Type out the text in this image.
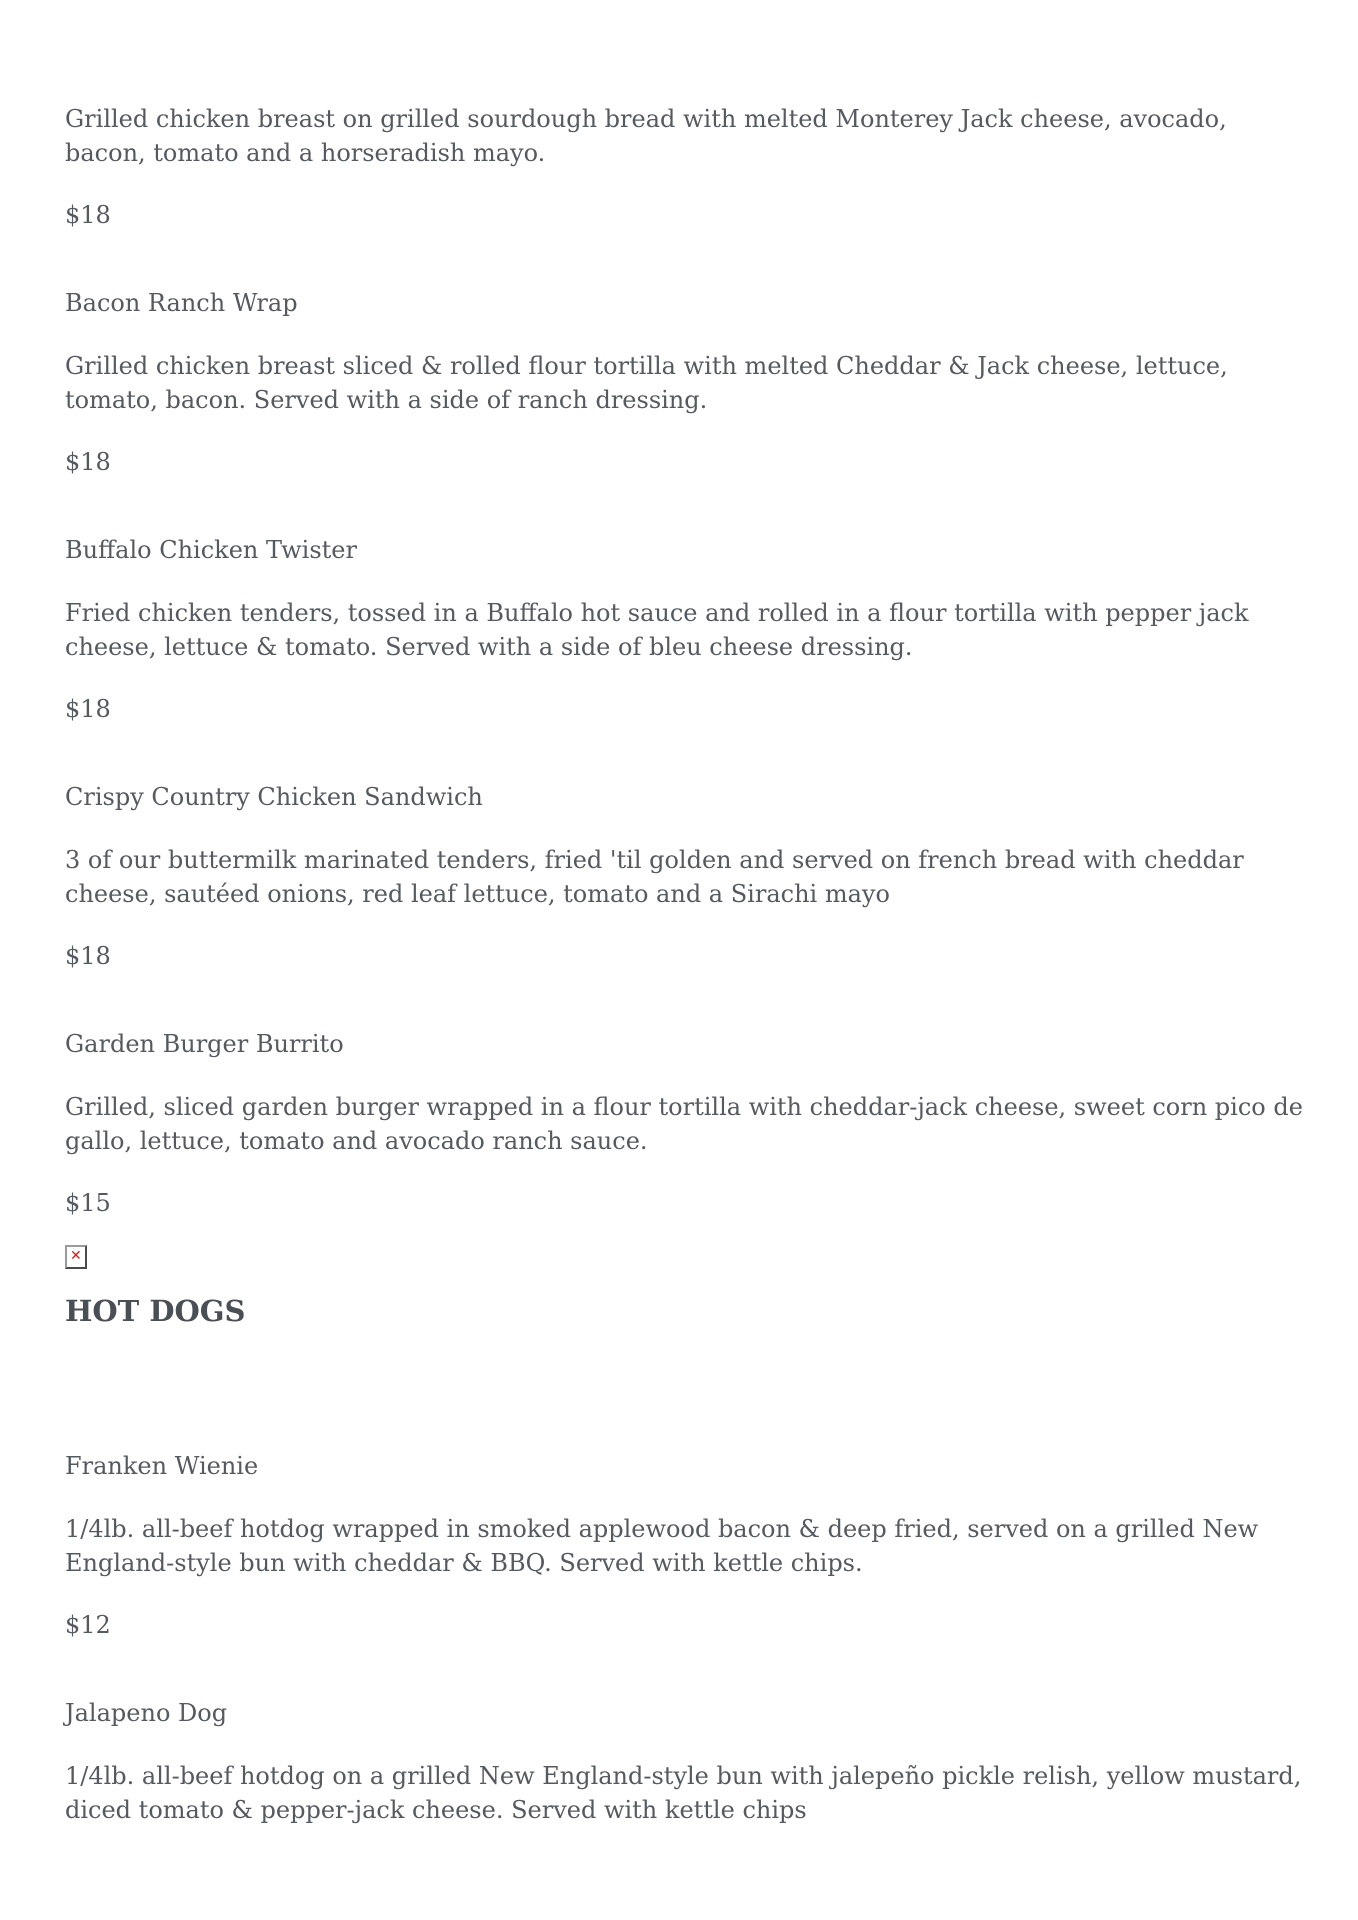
Grilled chicken breast on grilled sourdough bread with melted Monterey Jack cheese, avocado, bacon, tomato and a horseradish mayo.

$18

Bacon Ranch Wrap

Grilled chicken breast sliced & rolled flour tortilla with melted Cheddar & Jack cheese, lettuce, tomato, bacon. Served with a side of ranch dressing.

$18

Buffalo Chicken Twister

Fried chicken tenders, tossed in a Buffalo hot sauce and rolled in a flour tortilla with pepper jack cheese, lettuce & tomato. Served with a side of bleu cheese dressing.

$18

Crispy Country Chicken Sandwich

3 of our buttermilk marinated tenders, fried 'til golden and served on french bread with cheddar cheese, sautéed onions, red leaf lettuce, tomato and a Sirachi mayo

$18

Garden Burger Burrito

Grilled, sliced garden burger wrapped in a flour tortilla with cheddar-jack cheese, sweet corn pico de gallo, lettuce, tomato and avocado ranch sauce.

$15

✕
HOT DOGS

Franken Wienie

1/4lb. all-beef hotdog wrapped in smoked applewood bacon & deep fried, served on a grilled New England-style bun with cheddar & BBQ. Served with kettle chips.

$12

Jalapeno Dog

1/4lb. all-beef hotdog on a grilled New England-style bun with jalepeño pickle relish, yellow mustard, diced tomato & pepper-jack cheese. Served with kettle chips
